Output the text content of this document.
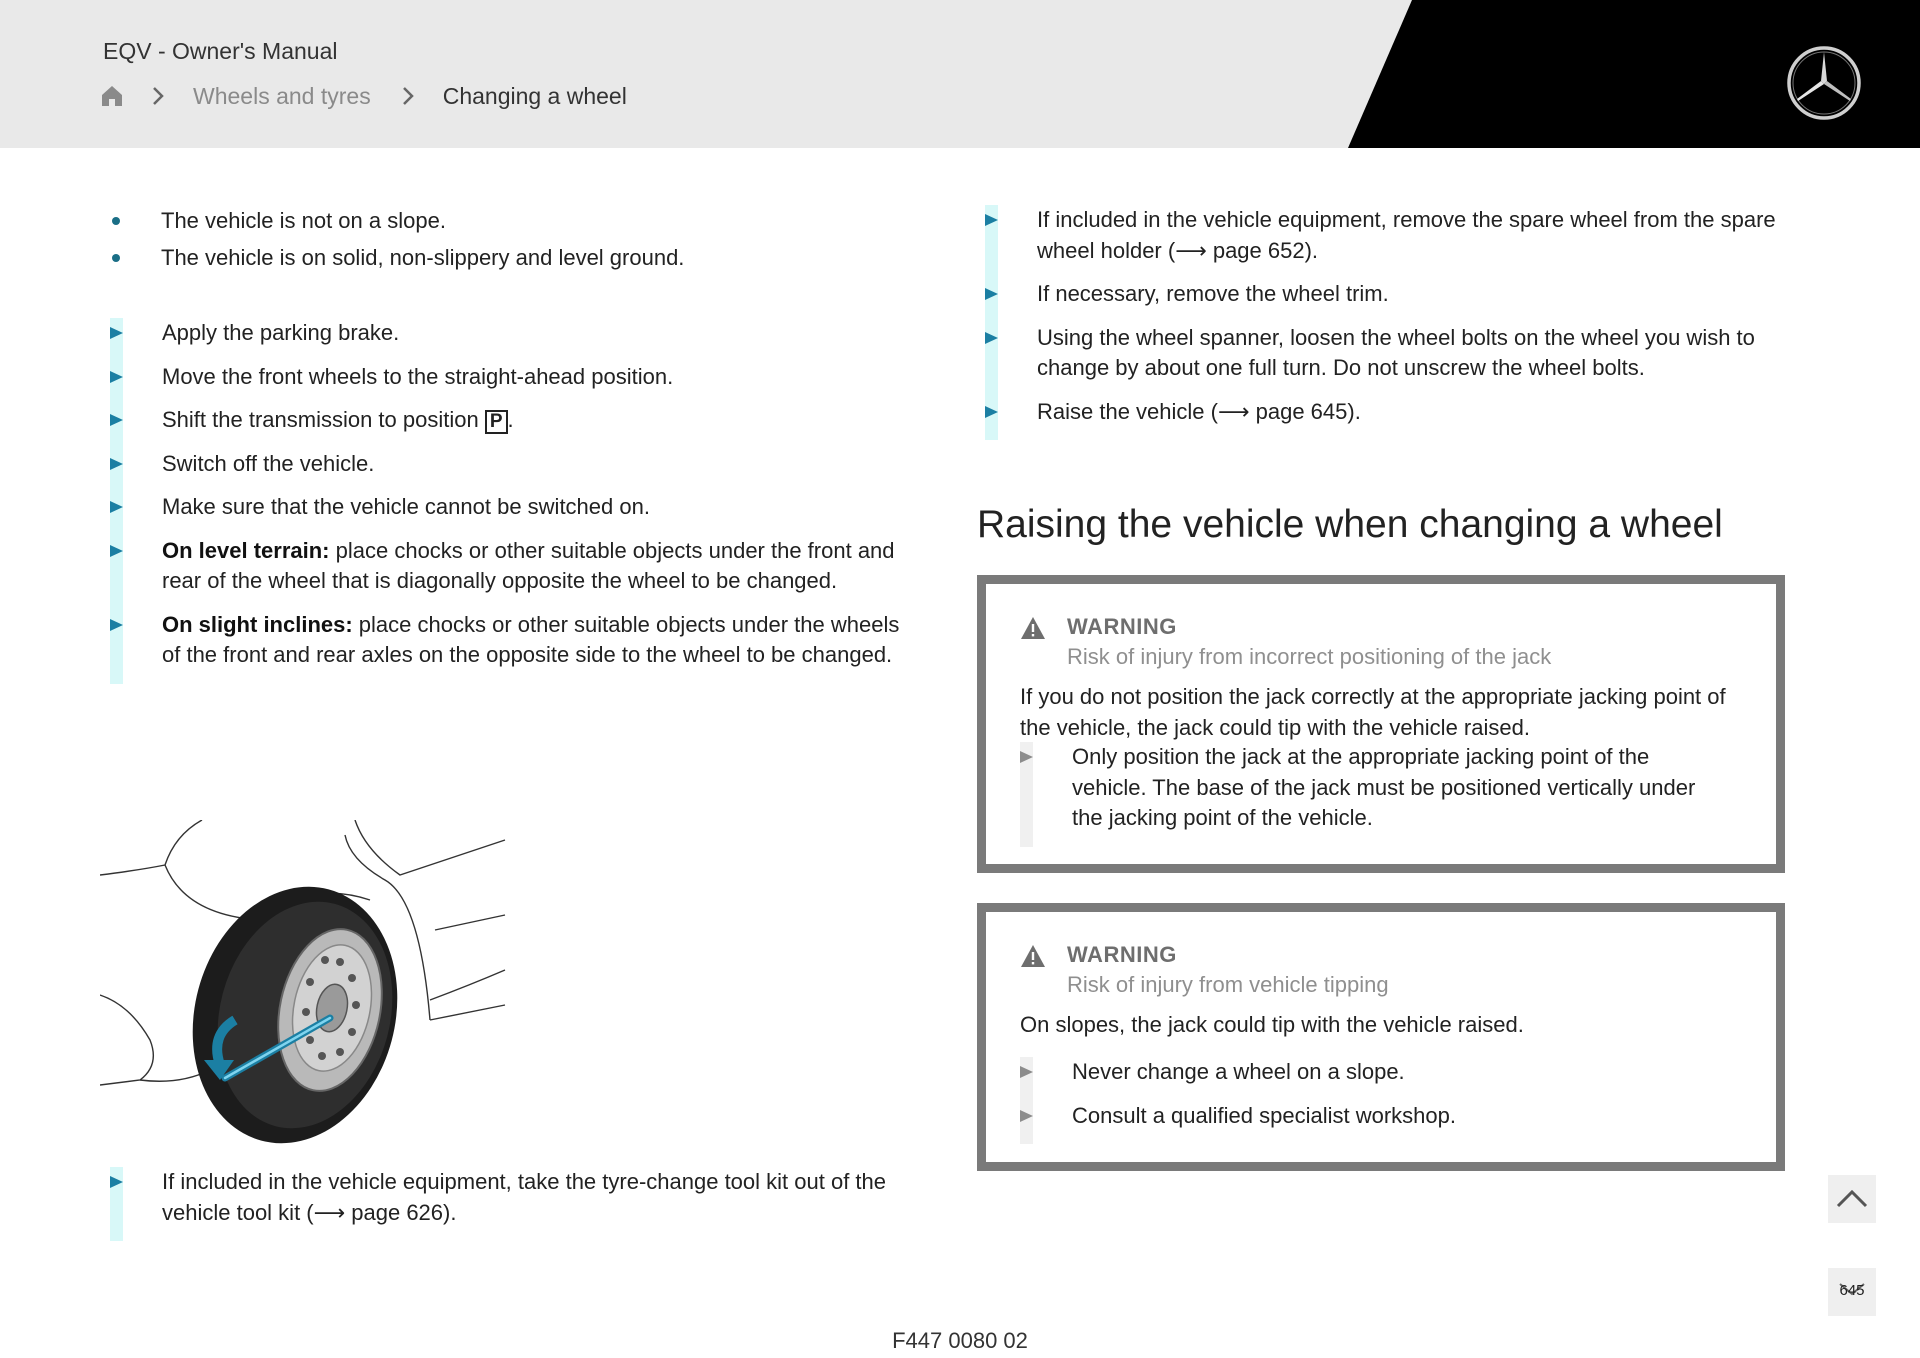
EQV - Owner's Manual
Wheels and tyres	Changing a wheel
The vehicle is not on a slope.
The vehicle is on solid, non-slippery and level ground.
Apply the parking brake.
Move the front wheels to the straight-ahead position.
Shift the transmission to position P .
Switch off the vehicle.
Make sure that the vehicle cannot be switched on.
On level terrain: place chocks or other suitable objects under the front and rear of the wheel that is diagonally opposite the wheel to be changed.
On slight inclines: place chocks or other suitable objects under the wheels of the front and rear axles on the opposite side to the wheel to be changed.
If included in the vehicle equipment, take the tyre-change tool kit out of the vehicle tool kit (⟶ page 626).
If included in the vehicle equipment, remove the spare wheel from the spare wheel holder (⟶ page 652).
If necessary, remove the wheel trim.
Using the wheel spanner, loosen the wheel bolts on the wheel you wish to change by about one full turn. Do not unscrew the wheel bolts.
Raise the vehicle (⟶ page 645).
Raising the vehicle when changing a wheel
WARNING
Risk of injury from incorrect positioning of the jack
If you do not position the jack correctly at the appropriate jacking point of the vehicle, the jack could tip with the vehicle raised.
Only position the jack at the appropriate jacking point of the vehicle. The base of the jack must be positioned vertically under the jacking point of the vehicle.
WARNING
Risk of injury from vehicle tipping
On slopes, the jack could tip with the vehicle raised.
Never change a wheel on a slope.
Consult a qualified specialist workshop.
645
F447 0080 02
